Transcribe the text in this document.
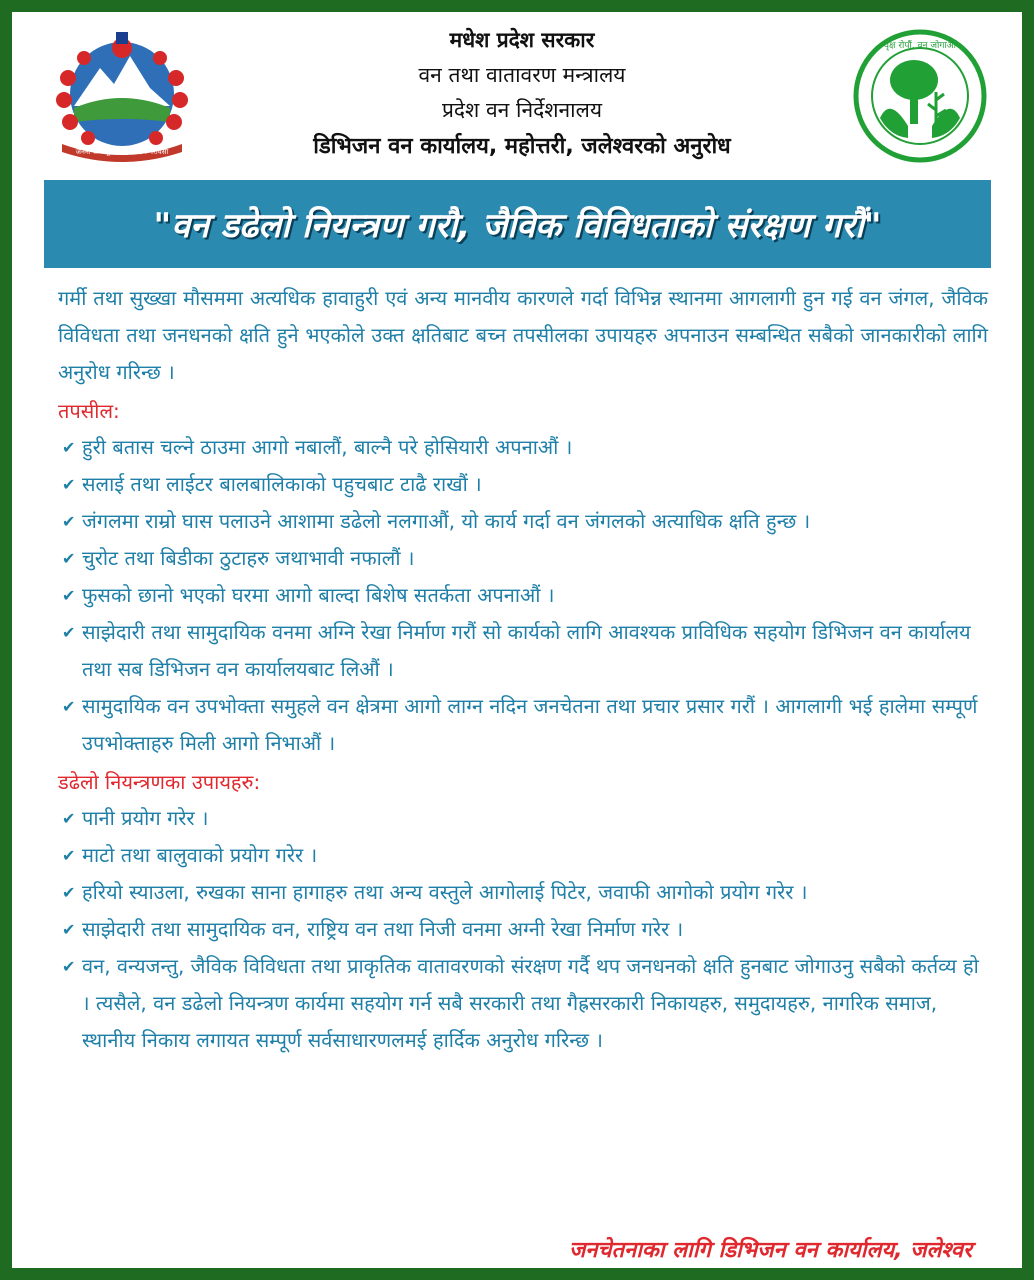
जननी जन्मभूमिश्च स्वर्गादपि गरीयसी
मधेश प्रदेश सरकार
वन तथा वातावरण मन्त्रालय
प्रदेश वन निर्देशनालय
डिभिजन वन कार्यालय, महोत्तरी, जलेश्वरको अनुरोध
वृक्ष रोपौं, वन जोगाऔं
"वन डढेलो नियन्त्रण गरौ, जैविक विविधताको संरक्षण गरौं"

गर्मी तथा सुख्खा मौसममा अत्यधिक हावाहुरी एवं अन्य मानवीय कारणले गर्दा विभिन्न स्थानमा आगलागी हुन गई वन जंगल, जैविक विविधता तथा जनधनको क्षति हुने भएकोले उक्त क्षतिबाट बच्न तपसीलका उपायहरु अपनाउन सम्बन्धित सबैको जानकारीको लागि अनुरोध गरिन्छ ।

तपसील:

✔ हुरी बतास चल्ने ठाउमा आगो नबालौं, बाल्नै परे होसियारी अपनाऔं ।

✔ सलाई तथा लाईटर बालबालिकाको पहुचबाट टाढै राखौं ।

✔ जंगलमा राम्रो घास पलाउने आशामा डढेलो नलगाऔं, यो कार्य गर्दा वन जंगलको अत्याधिक क्षति हुन्छ ।

✔ चुरोट तथा बिडीका ठुटाहरु जथाभावी नफालौं ।

✔ फुसको छानो भएको घरमा आगो बाल्दा बिशेष सतर्कता अपनाऔं ।

✔ साझेदारी तथा सामुदायिक वनमा अग्नि रेखा निर्माण गरौं सो कार्यको लागि आवश्यक प्राविधिक सहयोग डिभिजन वन कार्यालय तथा सब डिभिजन वन कार्यालयबाट लिऔं ।

✔ सामुदायिक वन उपभोक्ता समुहले वन क्षेत्रमा आगो लाग्न नदिन जनचेतना तथा प्रचार प्रसार गरौं । आगलागी भई हालेमा सम्पूर्ण उपभोक्ताहरु मिली आगो निभाऔं ।

डढेलो नियन्त्रणका उपायहरु:

✔ पानी प्रयोग गरेर ।

✔ माटो तथा बालुवाको प्रयोग गरेर ।

✔ हरियो स्याउला, रुखका साना हागाहरु तथा अन्य वस्तुले आगोलाई पिटेर, जवाफी आगोको प्रयोग गरेर ।

✔ साझेदारी तथा सामुदायिक वन, राष्ट्रिय वन तथा निजी वनमा अग्नी रेखा निर्माण गरेर ।

✔ वन, वन्यजन्तु, जैविक विविधता तथा प्राकृतिक वातावरणको संरक्षण गर्दै थप जनधनको क्षति हुनबाट जोगाउनु सबैको कर्तव्य हो । त्यसैले, वन डढेलो नियन्त्रण कार्यमा सहयोग गर्न सबै सरकारी तथा गैह्रसरकारी निकायहरु, समुदायहरु, नागरिक समाज, स्थानीय निकाय लगायत सम्पूर्ण सर्वसाधारणलमई हार्दिक अनुरोध गरिन्छ ।

जनचेतनाका लागि डिभिजन वन कार्यालय, जलेश्वर
